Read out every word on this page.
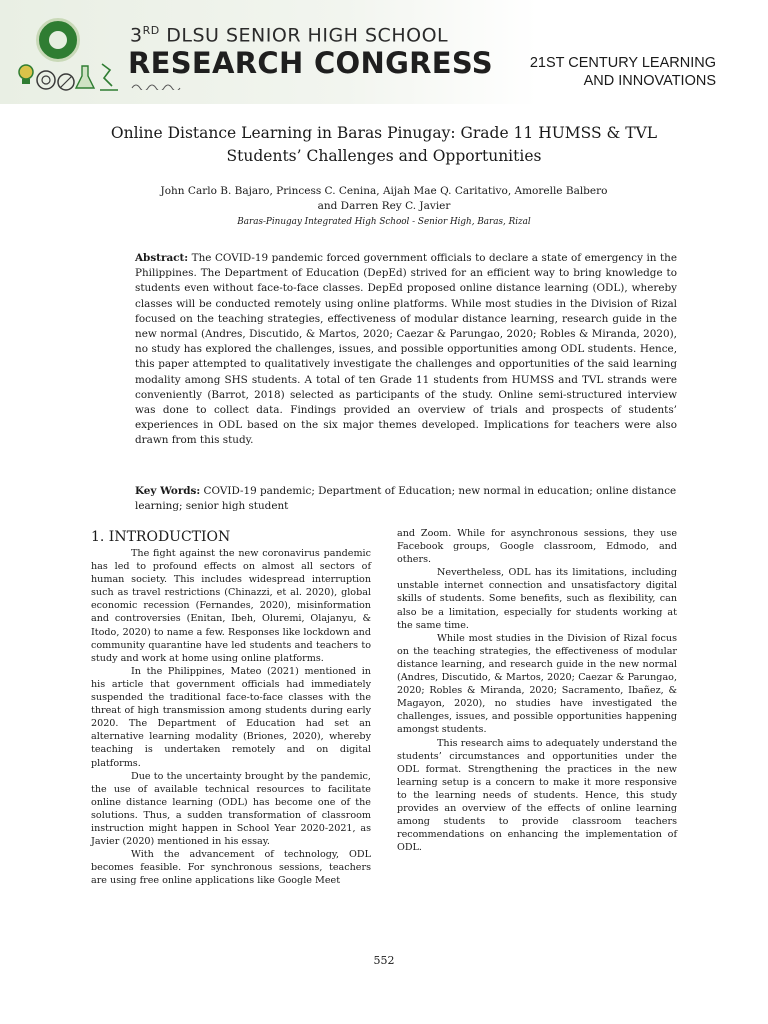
3RD DLSU SENIOR HIGH SCHOOL
RESEARCH CONGRESS	21ST CENTURY LEARNING
AND INNOVATIONS
Online Distance Learning in Baras Pinugay: Grade 11 HUMSS & TVL
Students’ Challenges and Opportunities
John Carlo B. Bajaro, Princess C. Cenina, Aijah Mae Q. Caritativo, Amorelle Balbero
and Darren Rey C. Javier
Baras-Pinugay Integrated High School - Senior High, Baras, Rizal
Abstract: The COVID-19 pandemic forced government officials to declare a state of emergency in the Philippines. The Department of Education (DepEd) strived for an efficient way to bring knowledge to students even without face-to-face classes. DepEd proposed online distance learning (ODL), whereby classes will be conducted remotely using online platforms. While most studies in the Division of Rizal focused on the teaching strategies, effectiveness of modular distance learning, research guide in the new normal (Andres, Discutido, & Martos, 2020; Caezar & Parungao, 2020; Robles & Miranda, 2020), no study has explored the challenges, issues, and possible opportunities among ODL students. Hence, this paper attempted to qualitatively investigate the challenges and opportunities of the said learning modality among SHS students. A total of ten Grade 11 students from HUMSS and TVL strands were conveniently (Barrot, 2018) selected as participants of the study. Online semi-structured interview was done to collect data. Findings provided an overview of trials and prospects of students’ experiences in ODL based on the six major themes developed. Implications for teachers were also drawn from this study.
Key Words: COVID-19 pandemic; Department of Education; new normal in education; online distance learning; senior high student
1. INTRODUCTION

The fight against the new coronavirus pandemic has led to profound effects on almost all sectors of human society. This includes widespread interruption such as travel restrictions (Chinazzi, et al. 2020), global economic recession (Fernandes, 2020), misinformation and controversies (Enitan, Ibeh, Oluremi, Olajanyu, & Itodo, 2020) to name a few. Responses like lockdown and community quarantine have led students and teachers to study and work at home using online platforms.

In the Philippines, Mateo (2021) mentioned in his article that government officials had immediately suspended the traditional face-to-face classes with the threat of high transmission among students during early 2020. The Department of Education had set an alternative learning modality (Briones, 2020), whereby teaching is undertaken remotely and on digital platforms.

Due to the uncertainty brought by the pandemic, the use of available technical resources to facilitate online distance learning (ODL) has become one of the solutions. Thus, a sudden transformation of classroom instruction might happen in School Year 2020-2021, as Javier (2020) mentioned in his essay.

With the advancement of technology, ODL becomes feasible. For synchronous sessions, teachers are using free online applications like Google Meet

and Zoom. While for asynchronous sessions, they use Facebook groups, Google classroom, Edmodo, and others.

Nevertheless, ODL has its limitations, including unstable internet connection and unsatisfactory digital skills of students. Some benefits, such as flexibility, can also be a limitation, especially for students working at the same time.

While most studies in the Division of Rizal focus on the teaching strategies, the effectiveness of modular distance learning, and research guide in the new normal (Andres, Discutido, & Martos, 2020; Caezar & Parungao, 2020; Robles & Miranda, 2020; Sacramento, Ibañez, & Magayon, 2020), no studies have investigated the challenges, issues, and possible opportunities happening amongst students.

This research aims to adequately understand the students’ circumstances and opportunities under the ODL format. Strengthening the practices in the new learning setup is a concern to make it more responsive to the learning needs of students. Hence, this study provides an overview of the effects of online learning among students to provide classroom teachers recommendations on enhancing the implementation of ODL.

552
